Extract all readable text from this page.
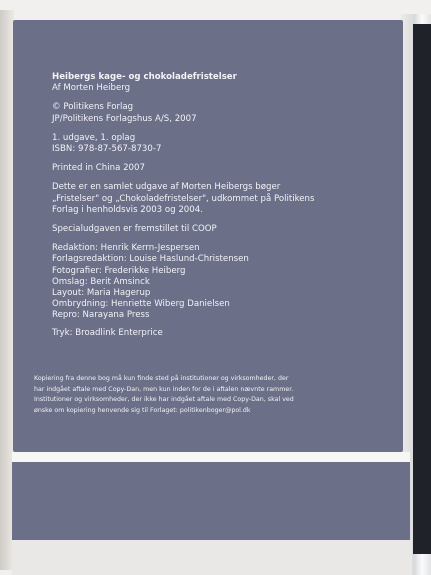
Heibergs kage- og chokoladefristelser
Af Morten Heiberg
© Politikens Forlag
JP/Politikens Forlagshus A/S, 2007
1. udgave, 1. oplag
ISBN: 978-87-567-8730-7
Printed in China 2007
Dette er en samlet udgave af Morten Heibergs bøger
„Fristelser" og „Chokoladefristelser", udkommet på Politikens
Forlag i henholdsvis 2003 og 2004.
Specialudgaven er fremstillet til COOP
Redaktion: Henrik Kerrn-Jespersen
Forlagsredaktion: Louise Haslund-Christensen
Fotografier: Frederikke Heiberg
Omslag: Berit Amsinck
Layout: Maria Hagerup
Ombrydning: Henriette Wiberg Danielsen
Repro: Narayana Press
Tryk: Broadlink Enterprice
Kopiering fra denne bog må kun finde sted på institutioner og virksomheder, der
har indgået aftale med Copy-Dan, men kun inden for de i aftalen nævnte rammer.
Institutioner og virksomheder, der ikke har indgået aftale med Copy-Dan, skal ved
ønske om kopiering henvende sig til Forlaget: politikenboger@pol.dk
